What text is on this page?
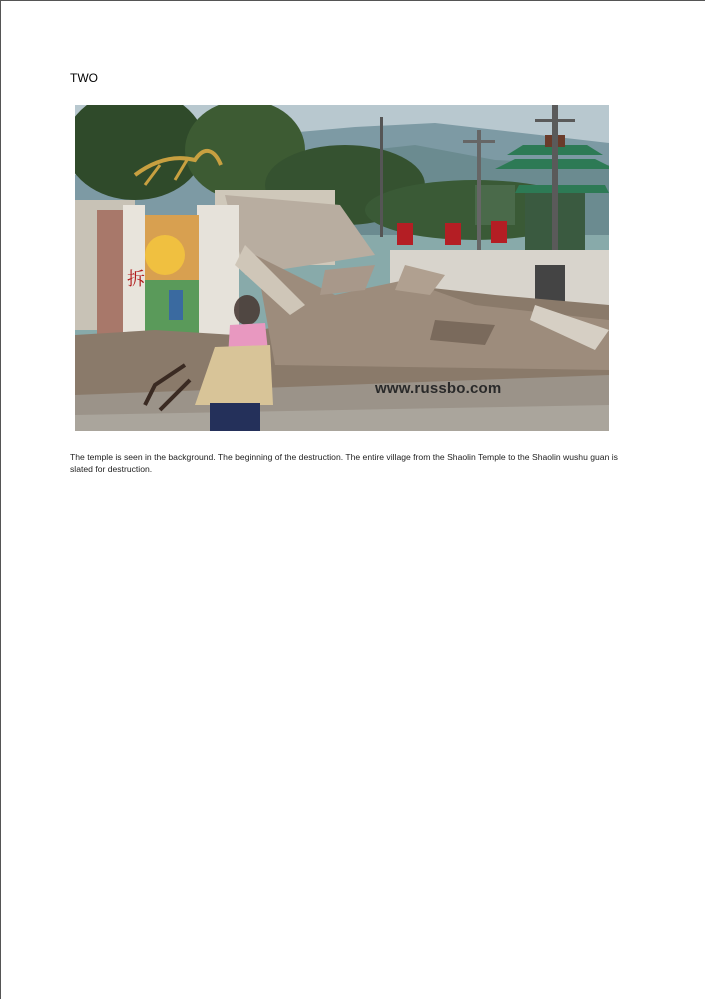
TWO
拆
www.russbo.com
The temple is seen in the background. The beginning of the destruction. The entire village from the Shaolin Temple to the Shaolin wushu guan is slated for destruction.
